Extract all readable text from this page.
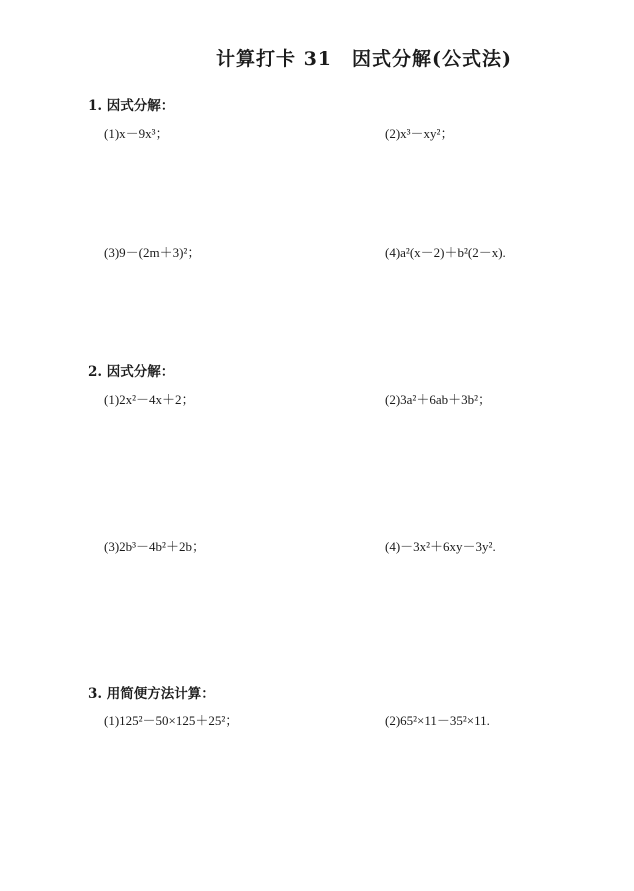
计算打卡 31　因式分解(公式法)
1. 因式分解：
(1)x－9x³；	(2)x³－xy²；
(3)9－(2m＋3)²；	(4)a²(x－2)＋b²(2－x).
2. 因式分解：
(1)2x²－4x＋2；	(2)3a²＋6ab＋3b²；
(3)2b³－4b²＋2b；	(4)－3x²＋6xy－3y².
3. 用简便方法计算：
(1)125²－50×125＋25²；	(2)65²×11－35²×11.
